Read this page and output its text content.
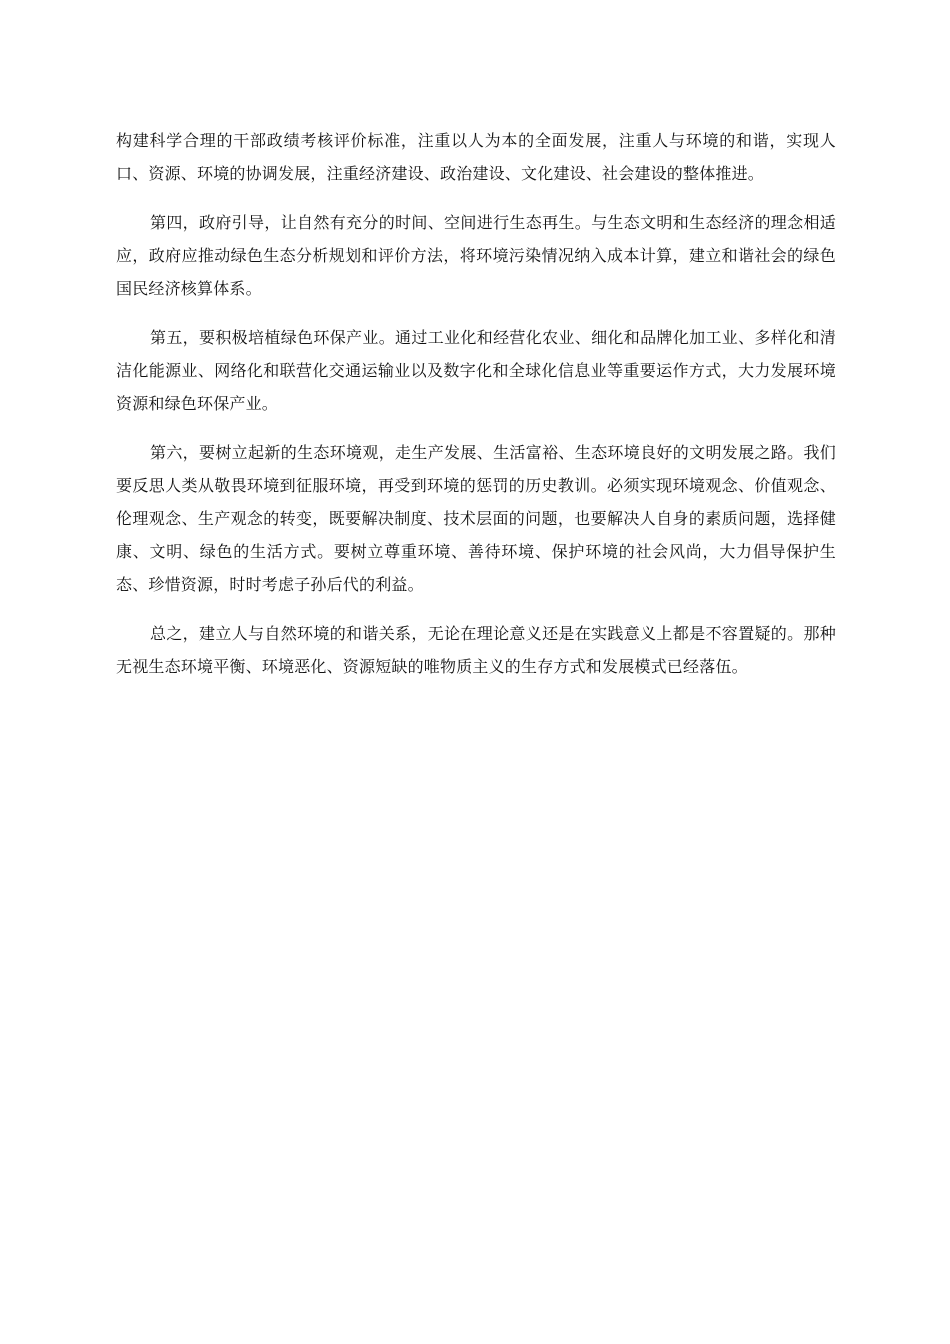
构建科学合理的干部政绩考核评价标准，注重以人为本的全面发展，注重人与环境的和谐，实现人口、资源、环境的协调发展，注重经济建设、政治建设、文化建设、社会建设的整体推进。

第四，政府引导，让自然有充分的时间、空间进行生态再生。与生态文明和生态经济的理念相适应，政府应推动绿色生态分析规划和评价方法，将环境污染情况纳入成本计算，建立和谐社会的绿色国民经济核算体系。

第五，要积极培植绿色环保产业。通过工业化和经营化农业、细化和品牌化加工业、多样化和清洁化能源业、网络化和联营化交通运输业以及数字化和全球化信息业等重要运作方式，大力发展环境资源和绿色环保产业。

第六，要树立起新的生态环境观，走生产发展、生活富裕、生态环境良好的文明发展之路。我们要反思人类从敬畏环境到征服环境，再受到环境的惩罚的历史教训。必须实现环境观念、价值观念、伦理观念、生产观念的转变，既要解决制度、技术层面的问题，也要解决人自身的素质问题，选择健康、文明、绿色的生活方式。要树立尊重环境、善待环境、保护环境的社会风尚，大力倡导保护生态、珍惜资源，时时考虑子孙后代的利益。

总之，建立人与自然环境的和谐关系，无论在理论意义还是在实践意义上都是不容置疑的。那种无视生态环境平衡、环境恶化、资源短缺的唯物质主义的生存方式和发展模式已经落伍。
